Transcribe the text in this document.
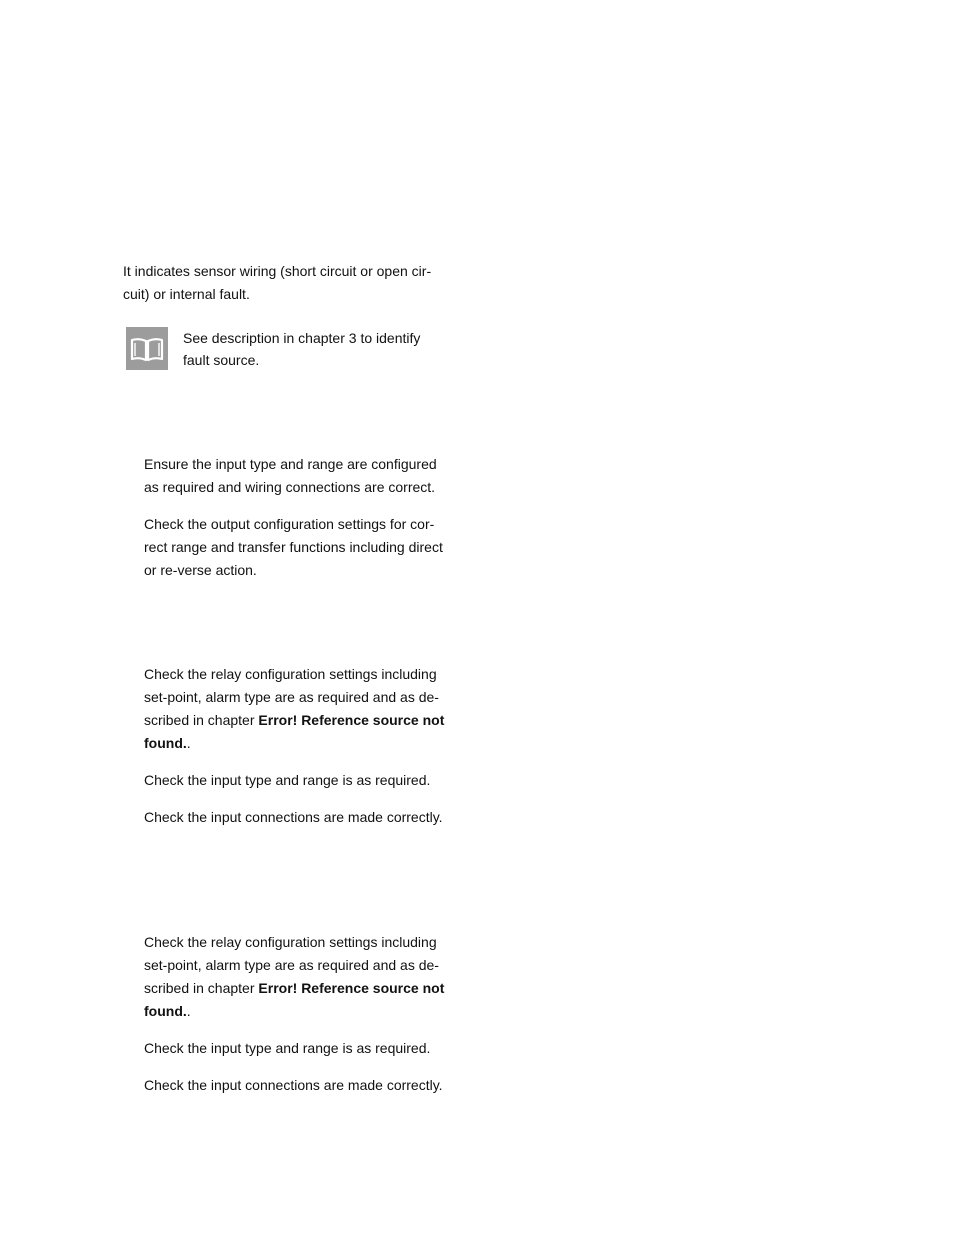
It indicates sensor wiring (short circuit or open cir-

cuit) or internal fault.

See description in chapter 3 to identify

fault source.

Ensure the input type and range are configured

as required and wiring connections are correct.

Check the output configuration settings for cor-

rect range and transfer functions including direct

or re-verse action.

Check the relay configuration settings including

set-point, alarm type are as required and as de-

scribed in chapter Error! Reference source not

found..

Check the input type and range is as required.

Check the input connections are made correctly.

Check the relay configuration settings including

set-point, alarm type are as required and as de-

scribed in chapter Error! Reference source not

found..

Check the input type and range is as required.

Check the input connections are made correctly.
